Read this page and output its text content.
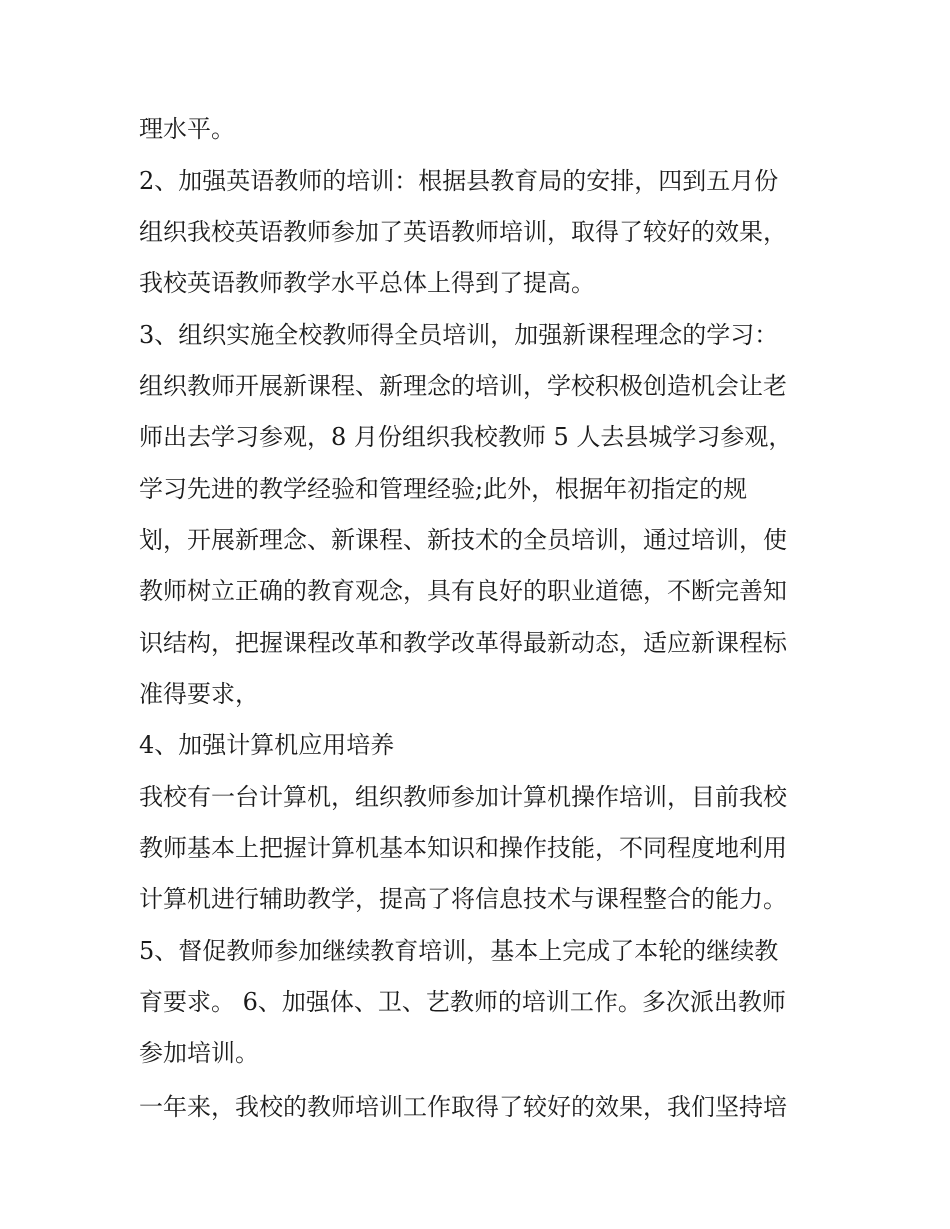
理水平。

2、加强英语教师的培训：根据县教育局的安排，四到五月份

组织我校英语教师参加了英语教师培训，取得了较好的效果，

我校英语教师教学水平总体上得到了提高。

3、组织实施全校教师得全员培训，加强新课程理念的学习：

组织教师开展新课程、新理念的培训，学校积极创造机会让老

师出去学习参观，8 月份组织我校教师 5 人去县城学习参观，

学习先进的教学经验和管理经验;此外，根据年初指定的规

划，开展新理念、新课程、新技术的全员培训，通过培训，使

教师树立正确的教育观念，具有良好的职业道德，不断完善知

识结构，把握课程改革和教学改革得最新动态，适应新课程标

准得要求，

4、加强计算机应用培养

我校有一台计算机，组织教师参加计算机操作培训，目前我校

教师基本上把握计算机基本知识和操作技能，不同程度地利用

计算机进行辅助教学，提高了将信息技术与课程整合的能力。

5、督促教师参加继续教育培训，基本上完成了本轮的继续教

育要求。 6、加强体、卫、艺教师的培训工作。多次派出教师

参加培训。

一年来，我校的教师培训工作取得了较好的效果，我们坚持培
